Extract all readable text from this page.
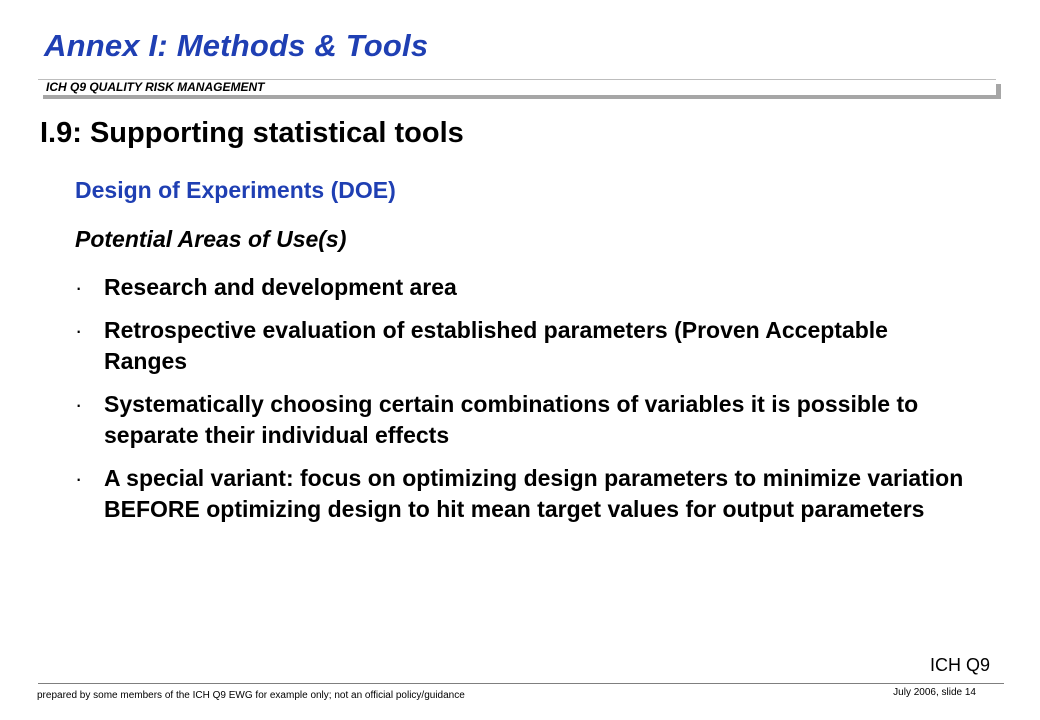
Annex I: Methods & Tools
ICH Q9 QUALITY RISK MANAGEMENT
I.9: Supporting statistical tools
Design of Experiments (DOE)
Potential Areas of Use(s)
· Research and development area
· Retrospective evaluation of established parameters (Proven Acceptable Ranges
· Systematically choosing certain combinations of variables it is possible to separate their individual effects
· A special variant: focus on optimizing design parameters to minimize variation BEFORE optimizing design to hit mean target values for output parameters
ICH Q9
prepared by some members of the ICH Q9 EWG for example only; not an official policy/guidance	July 2006, slide 14
